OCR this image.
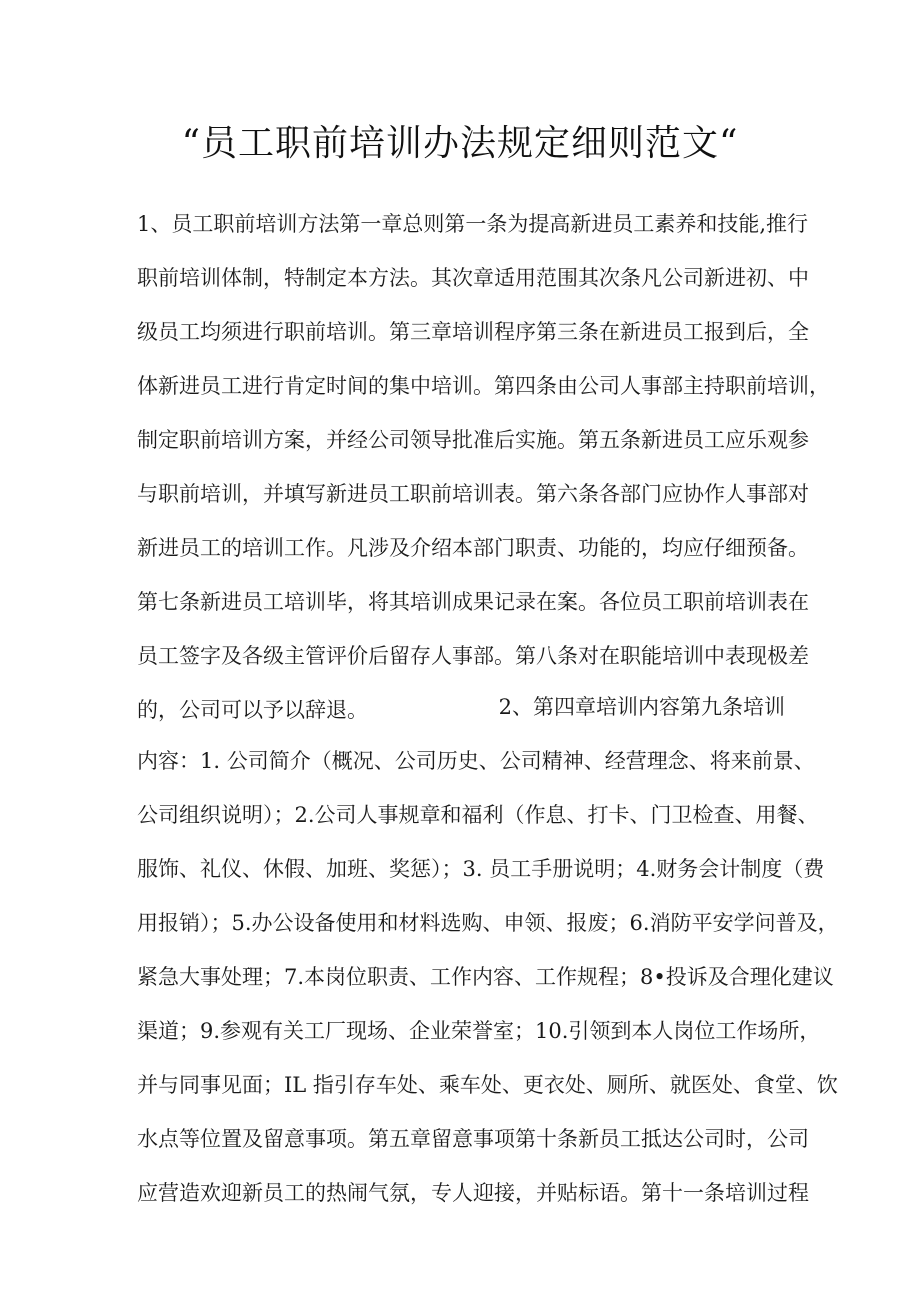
“员工职前培训办法规定细则范文“
1、员工职前培训方法第一章总则第一条为提高新进员工素养和技能,推行
职前培训体制，特制定本方法。其次章适用范围其次条凡公司新进初、中
级员工均须进行职前培训。第三章培训程序第三条在新进员工报到后，全
体新进员工进行肯定时间的集中培训。第四条由公司人事部主持职前培训，
制定职前培训方案，并经公司领导批准后实施。第五条新进员工应乐观参
与职前培训，并填写新进员工职前培训表。第六条各部门应协作人事部对
新进员工的培训工作。凡涉及介绍本部门职责、功能的，均应仔细预备。
第七条新进员工培训毕，将其培训成果记录在案。各位员工职前培训表在
员工签字及各级主管评价后留存人事部。第八条对在职能培训中表现极差
的，公司可以予以辞退。	2、第四章培训内容第九条培训
内容：1. 公司简介（概况、公司历史、公司精神、经营理念、将来前景、
公司组织说明）；2.公司人事规章和福利（作息、打卡、门卫检查、用餐、
服饰、礼仪、休假、加班、奖惩）；3. 员工手册说明；4.财务会计制度（费
用报销）；5.办公设备使用和材料选购、申领、报废；6.消防平安学问普及，
紧急大事处理；7.本岗位职责、工作内容、工作规程；8•投诉及合理化建议
渠道；9.参观有关工厂现场、企业荣誉室；10.引领到本人岗位工作场所，
并与同事见面；IL 指引存车处、乘车处、更衣处、厕所、就医处、食堂、饮
水点等位置及留意事项。第五章留意事项第十条新员工抵达公司时，公司
应营造欢迎新员工的热闹气氛，专人迎接，并贴标语。第十一条培训过程
